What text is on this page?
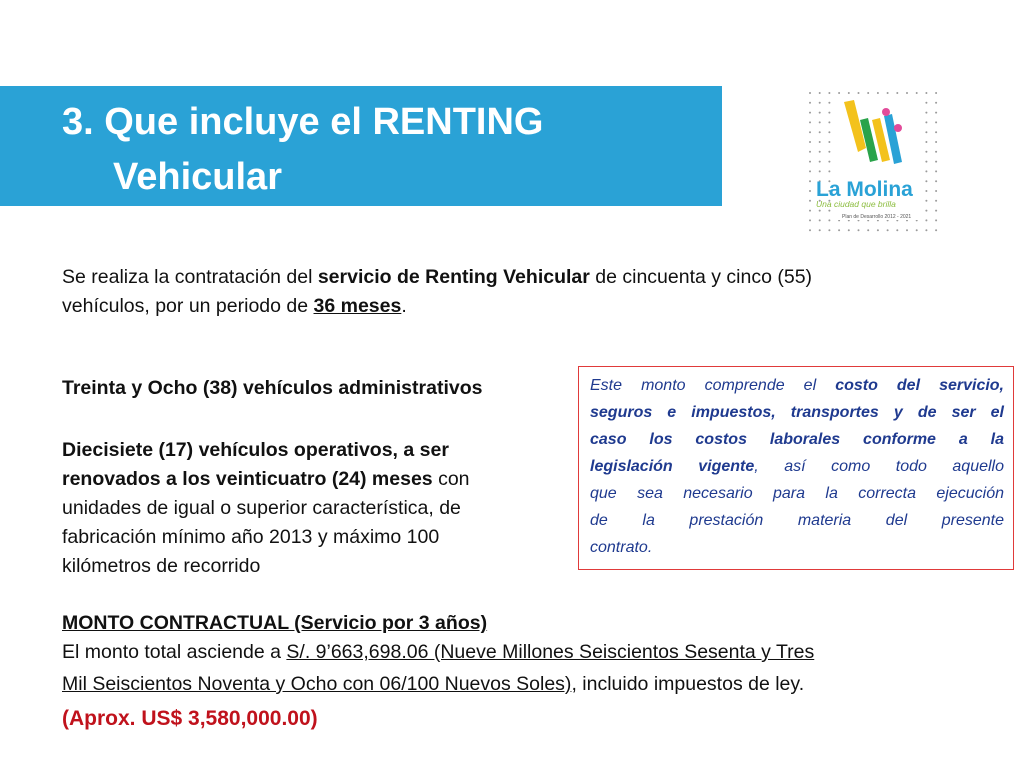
3. Que incluye el RENTING
Vehicular	La Molina
Una ciudad que brilla
Plan de Desarrollo 2012 - 2021
Se realiza la contratación del servicio de Renting Vehicular de cincuenta y cinco (55)
vehículos, por un periodo de 36 meses.
Treinta y Ocho (38) vehículos administrativos
Diecisiete (17) vehículos operativos, a ser
renovados a los veinticuatro (24) meses con
unidades de igual o superior característica, de
fabricación mínimo año 2013 y máximo 100
kilómetros de recorrido
Este monto comprende el costo del servicio,
seguros e impuestos, transportes y de ser el
caso los costos laborales conforme a la
legislación vigente, así como todo aquello
que sea necesario para la correcta ejecución
de la prestación materia del presente
contrato.
MONTO CONTRACTUAL (Servicio por 3 años)
El monto total asciende a S/. 9’663,698.06 (Nueve Millones Seiscientos Sesenta y Tres
Mil Seiscientos Noventa y Ocho con 06/100 Nuevos Soles), incluido impuestos de ley.
(Aprox. US$ 3,580,000.00)
